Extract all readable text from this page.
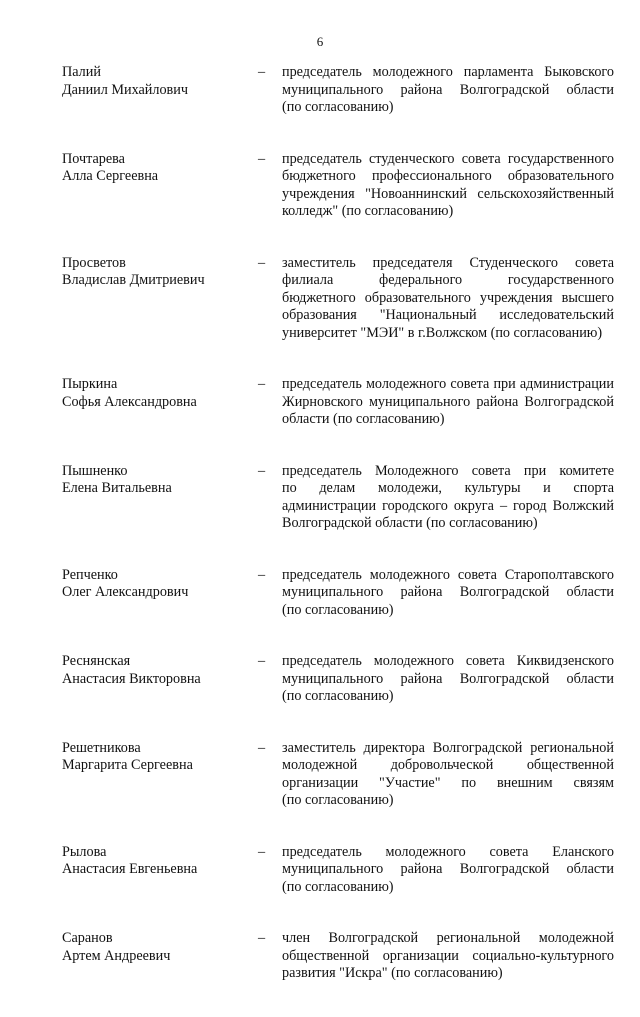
6
Палий
Даниил Михайлович
–	председатель молодежного парламента Быковского
муниципального района Волгоградской области
(по согласованию)
Почтарева
Алла Сергеевна
–	председатель студенческого совета государственного
бюджетного профессионального образовательного
учреждения "Новоаннинский сельскохозяйственный
колледж" (по согласованию)
Просветов
Владислав Дмитриевич
–	заместитель председателя Студенческого совета
филиала федерального государственного
бюджетного образовательного учреждения высшего
образования "Национальный исследовательский
университет "МЭИ" в г.Волжском (по согласованию)
Пыркина
Софья Александровна
–	председатель молодежного совета при администрации
Жирновского муниципального района Волгоградской
области (по согласованию)
Пышненко
Елена Витальевна
–	председатель Молодежного совета при комитете
по делам молодежи, культуры и спорта
администрации городского округа – город Волжский
Волгоградской области (по согласованию)
Репченко
Олег Александрович
–	председатель молодежного совета Старополтавского
муниципального района Волгоградской области
(по согласованию)
Реснянская
Анастасия Викторовна
–	председатель молодежного совета Киквидзенского
муниципального района Волгоградской области
(по согласованию)
Решетникова
Маргарита Сергеевна
–	заместитель директора Волгоградской региональной
молодежной добровольческой общественной
организации "Участие" по внешним связям
(по согласованию)
Рылова
Анастасия Евгеньевна
–	председатель молодежного совета Еланского
муниципального района Волгоградской области
(по согласованию)
Саранов
Артем Андреевич
–	член Волгоградской региональной молодежной
общественной организации социально-культурного
развития "Искра" (по согласованию)
